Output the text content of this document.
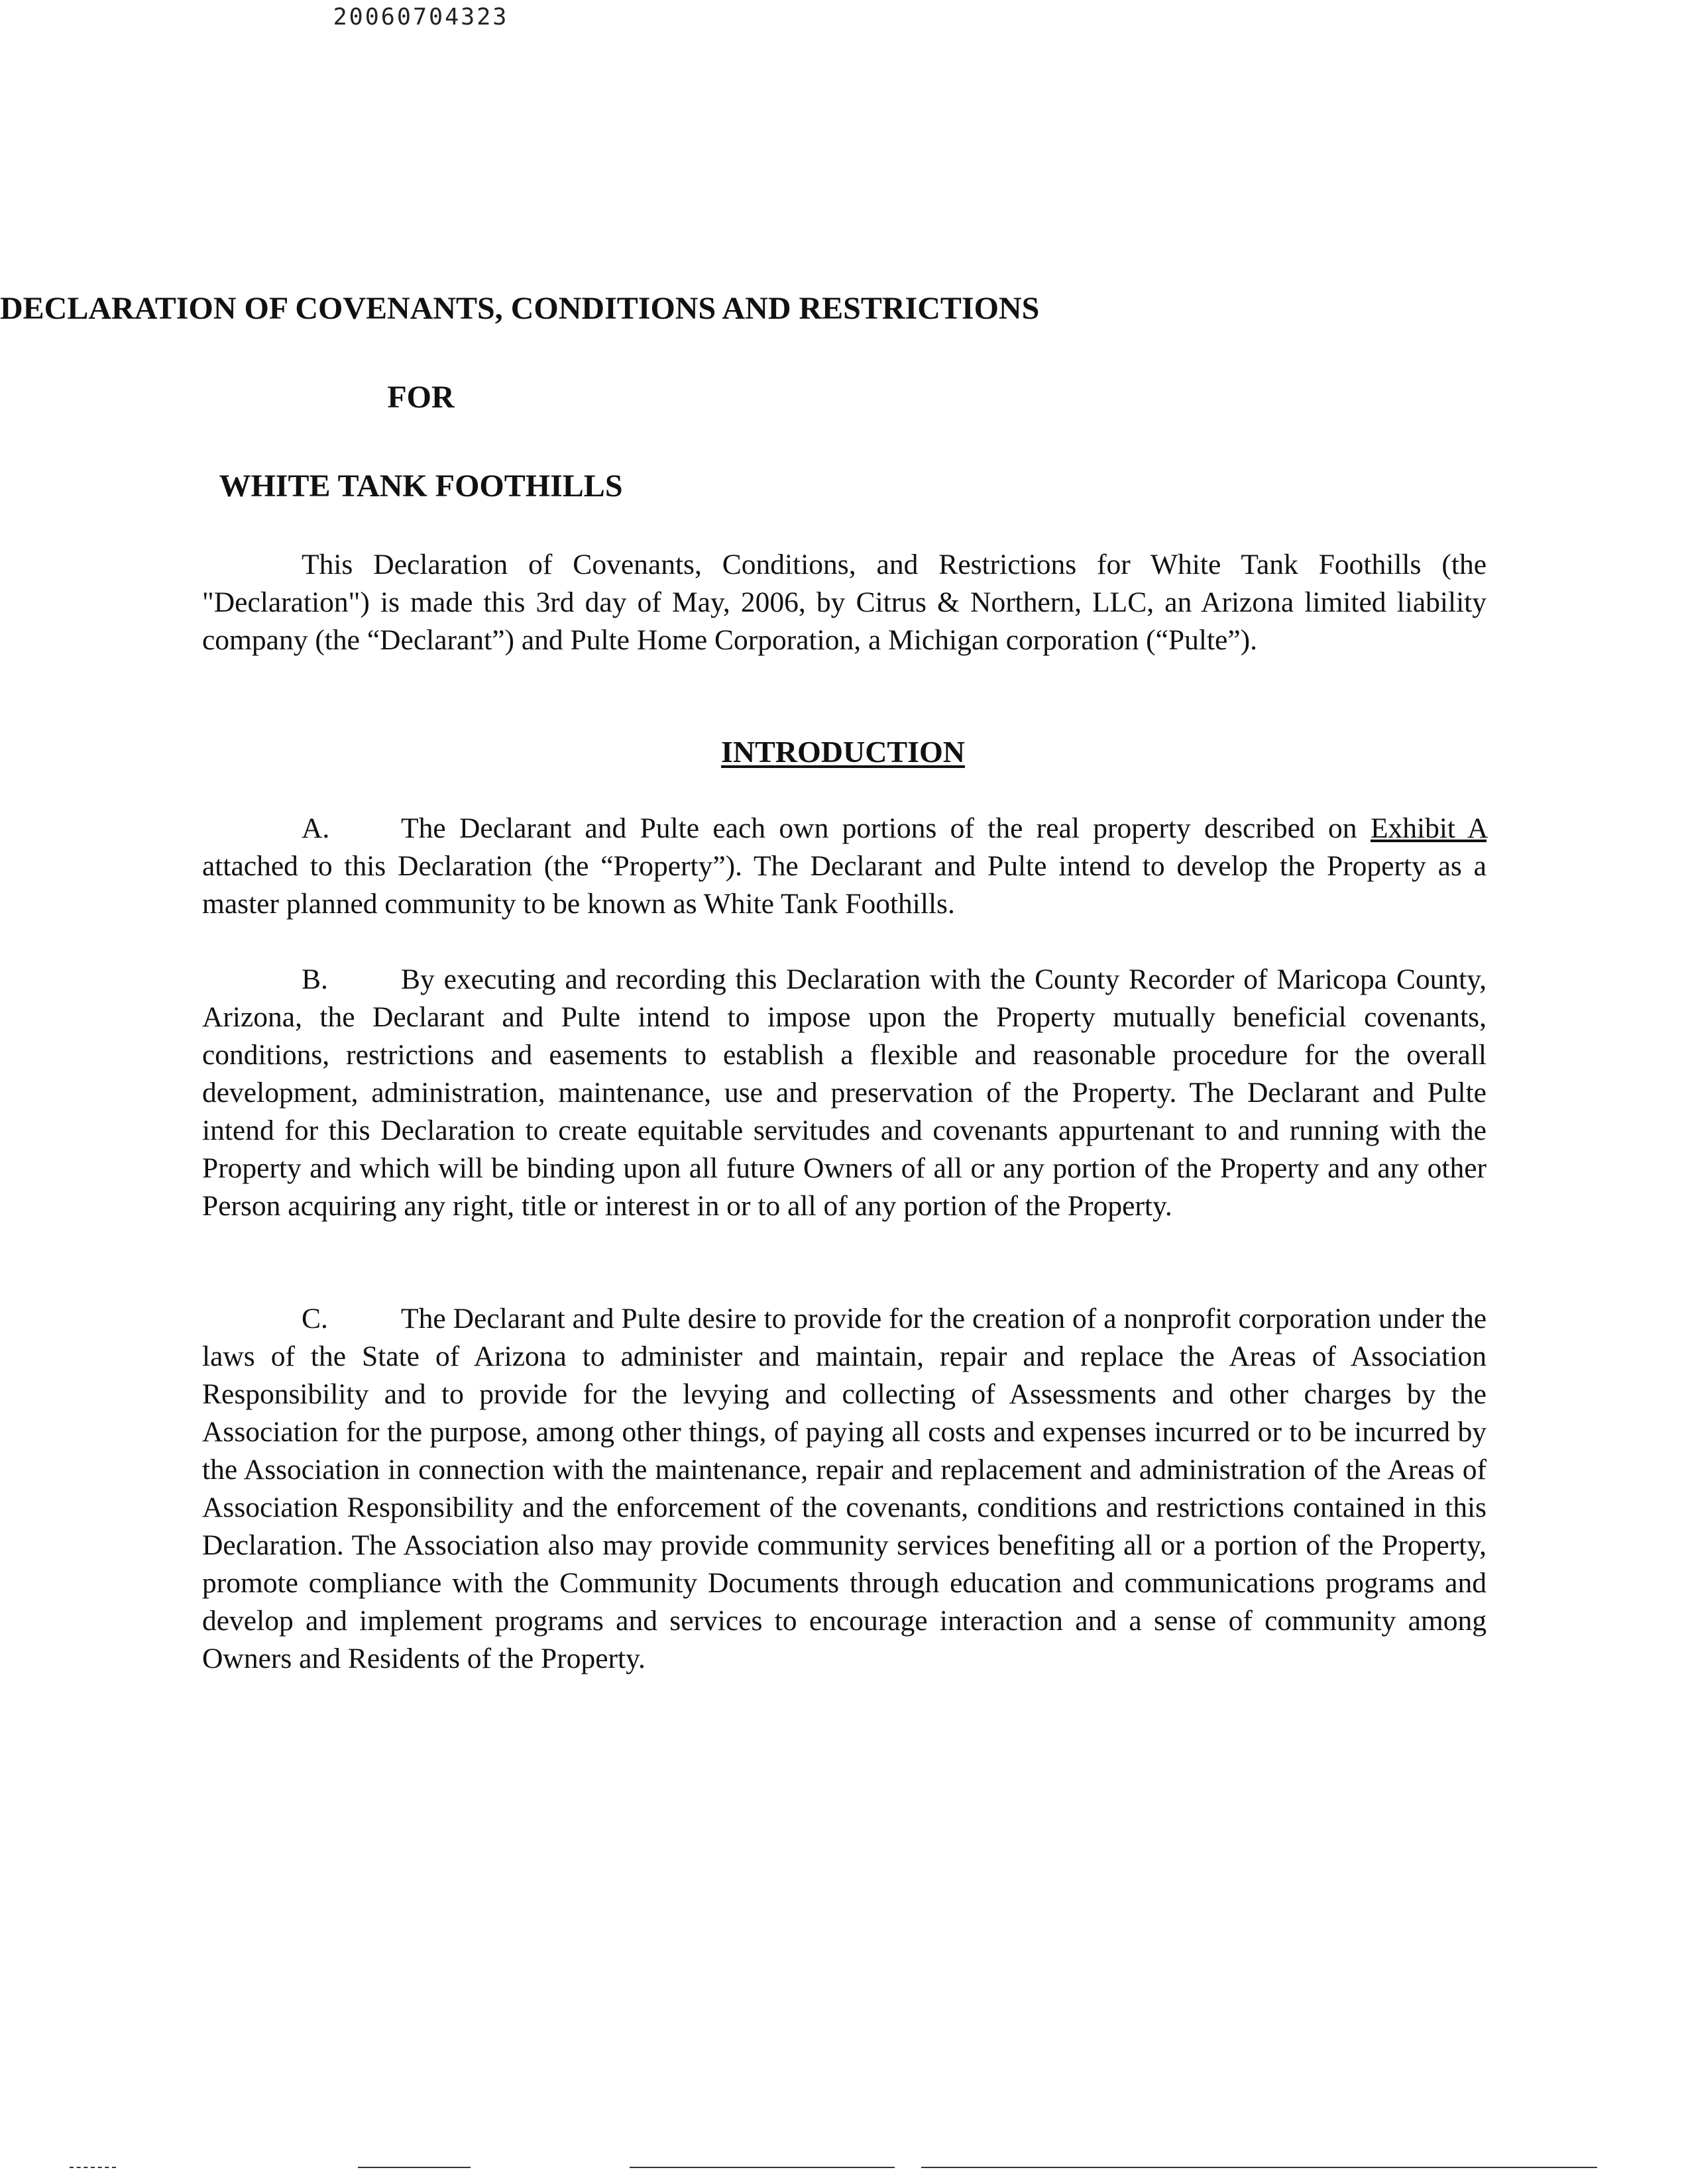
20060704323
DECLARATION OF COVENANTS, CONDITIONS AND RESTRICTIONS
FOR
WHITE TANK FOOTHILLS

This Declaration of Covenants, Conditions, and Restrictions for White Tank Foothills (the "Declaration") is made this 3rd day of May, 2006, by Citrus & Northern, LLC, an Arizona limited liability company (the “Declarant”) and Pulte Home Corporation, a Michigan corporation (“Pulte”).

INTRODUCTION

A. The Declarant and Pulte each own portions of the real property described on Exhibit A attached to this Declaration (the “Property”). The Declarant and Pulte intend to develop the Property as a master planned community to be known as White Tank Foothills.

B.	By executing and recording this Declaration with the County Recorder of Maricopa County, Arizona, the Declarant and Pulte intend to impose upon the Property mutually beneficial covenants, conditions, restrictions and easements to establish a flexible and reasonable procedure for the overall development, administration, maintenance, use and preservation of the Property. The Declarant and Pulte intend for this Declaration to create equitable servitudes and covenants appurtenant to and running with the Property and which will be binding upon all future Owners of all or any portion of the Property and any other Person acquiring any right, title or interest in or to all of any portion of the Property.

C.	The Declarant and Pulte desire to provide for the creation of a nonprofit corporation under the laws of the State of Arizona to administer and maintain, repair and replace the Areas of Association Responsibility and to provide for the levying and collecting of Assessments and other charges by the Association for the purpose, among other things, of paying all costs and expenses incurred or to be incurred by the Association in connection with the maintenance, repair and replacement and administration of the Areas of Association Responsibility and the enforcement of the covenants, conditions and restrictions contained in this Declaration. The Association also may provide community services benefiting all or a portion of the Property, promote compliance with the Community Documents through education and communications programs and develop and implement programs and services to encourage interaction and a sense of community among Owners and Residents of the Property.
